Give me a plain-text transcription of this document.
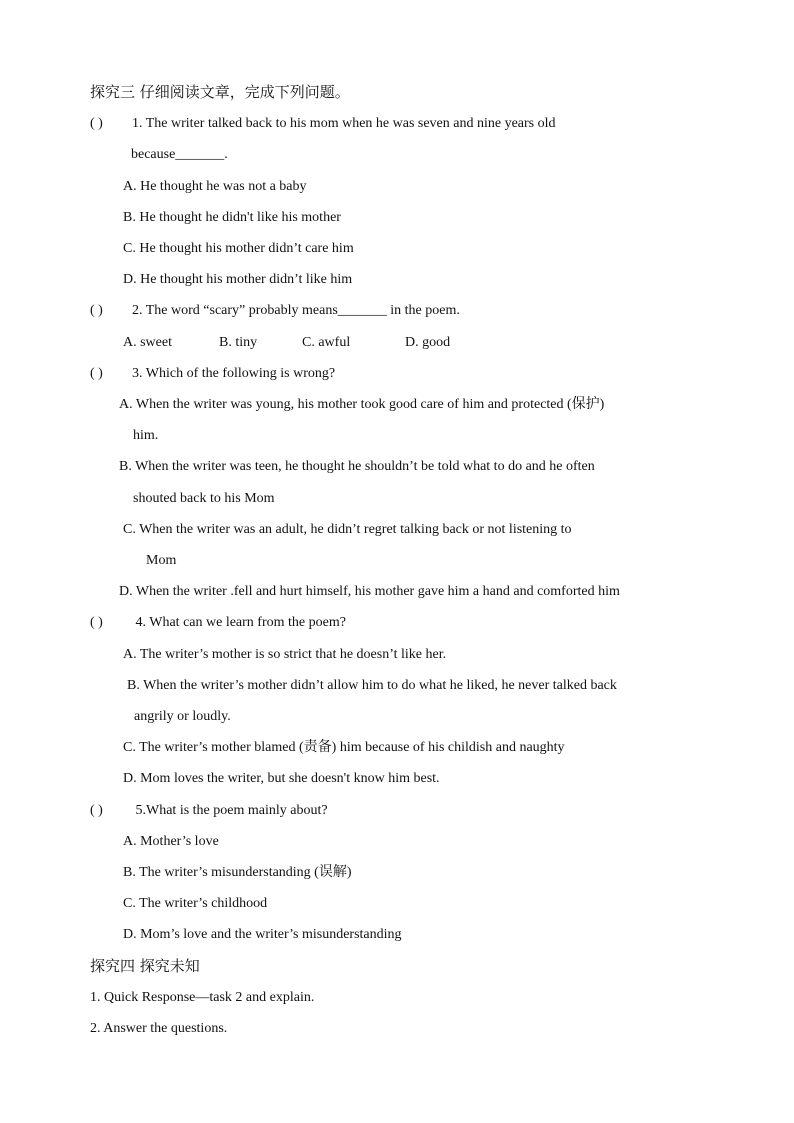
探究三 仔细阅读文章，完成下列问题。
( ) 1. The writer talked back to his mom when he was seven and nine years old
because_______.
A. He thought he was not a baby
B. He thought he didn't like his mother
C. He thought his mother didn’t care him
D. He thought his mother didn’t like him
( ) 2. The word “scary” probably means_______ in the poem.
A. sweet	B. tiny	C. awful	D. good
( ) 3. Which of the following is wrong?
A. When the writer was young, his mother took good care of him and protected (保护)
him.
B. When the writer was teen, he thought he shouldn’t be told what to do and he often
shouted back to his Mom
C. When the writer was an adult, he didn’t regret talking back or not listening to
Mom
D. When the writer .fell and hurt himself, his mother gave him a hand and comforted him
( ) 4. What can we learn from the poem?
A. The writer’s mother is so strict that he doesn’t like her.
B. When the writer’s mother didn’t allow him to do what he liked, he never talked back
angrily or loudly.
C. The writer’s mother blamed (责备) him because of his childish and naughty
D. Mom loves the writer, but she doesn't know him best.
( ) 5.What is the poem mainly about?
A. Mother’s love
B. The writer’s misunderstanding (误解)
C. The writer’s childhood
D. Mom’s love and the writer’s misunderstanding
探究四 探究未知
1. Quick Response—task 2 and explain.
2. Answer the questions.
